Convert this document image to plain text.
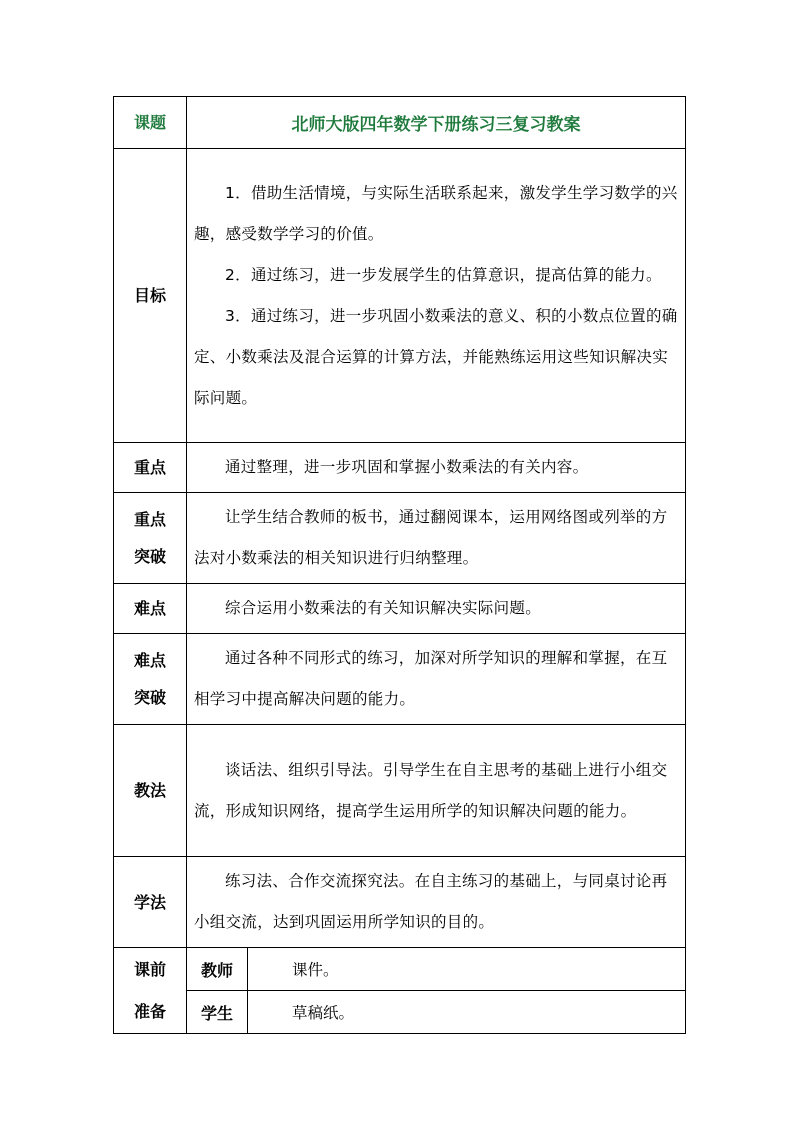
课题	北师大版四年数学下册练习三复习教案	
目标	1．借助生活情境，与实际生活联系起来，激发学生学习数学的兴趣，感受数学学习的价值。

2．通过练习，进一步发展学生的估算意识，提高估算的能力。

3．通过练习，进一步巩固小数乘法的意义、积的小数点位置的确定、小数乘法及混合运算的计算方法，并能熟练运用这些知识解决实际问题。	

重点	通过整理，进一步巩固和掌握小数乘法的有关内容。	

重点
突破	让学生结合教师的板书，通过翻阅课本，运用网络图或列举的方法对小数乘法的相关知识进行归纳整理。	

难点	综合运用小数乘法的有关知识解决实际问题。	

难点
突破	通过各种不同形式的练习，加深对所学知识的理解和掌握，在互相学习中提高解决问题的能力。	

教法	谈话法、组织引导法。引导学生在自主思考的基础上进行小组交流，形成知识网络，提高学生运用所学的知识解决问题的能力。	

学法	练习法、合作交流探究法。在自主练习的基础上，与同桌讨论再小组交流，达到巩固运用所学知识的目的。	

课前
准备	教师	课件。
	学生	草稿纸。
